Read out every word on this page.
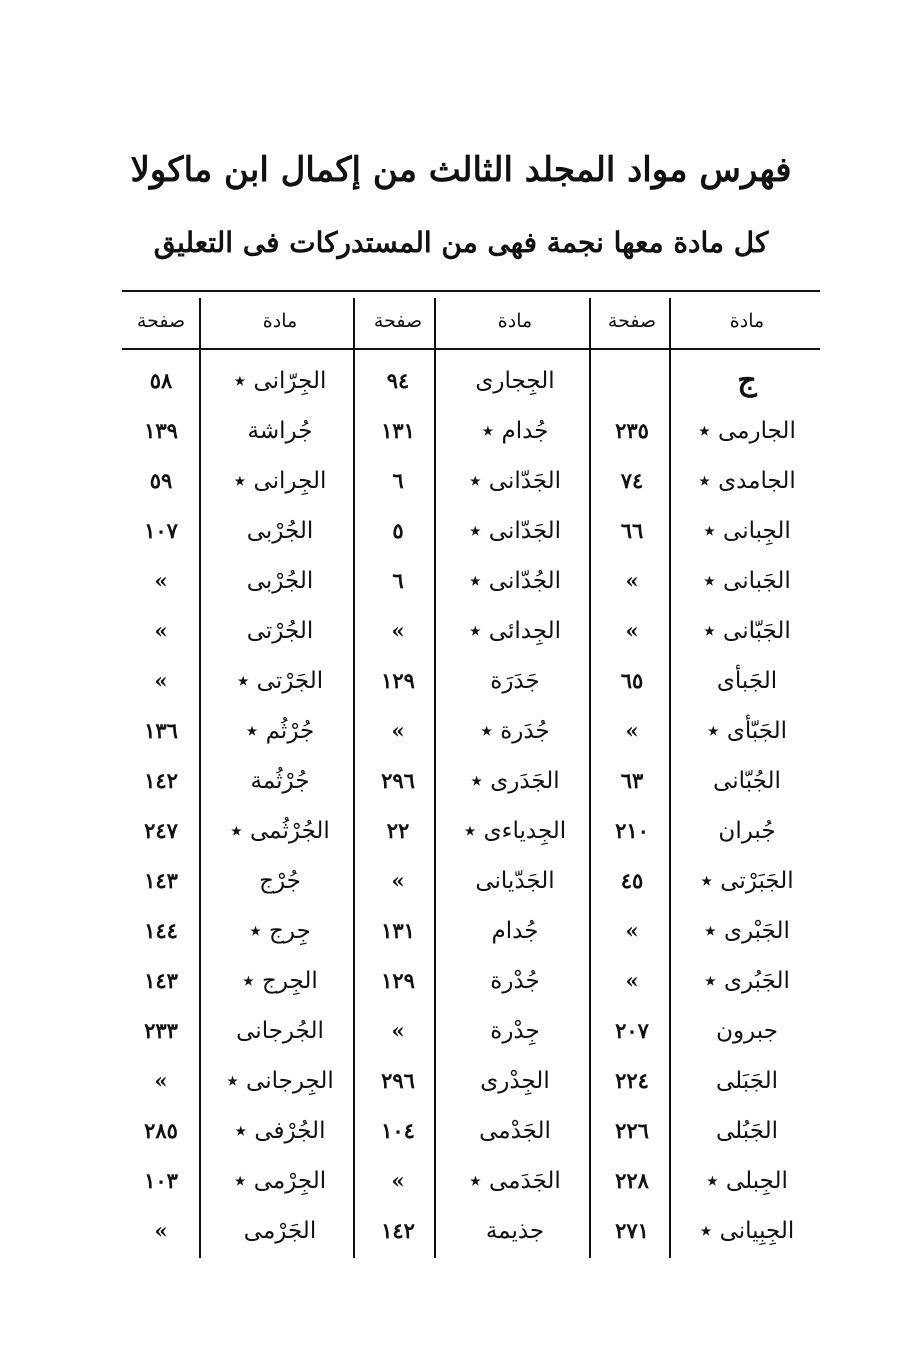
فهرس مواد المجلد الثالث من إكمال ابن ماكولا
كل مادة معها نجمة فهى من المستدركات فى التعليق
مادة
صفحة
مادة
صفحة
مادة
صفحة
ج
الجِجارى
٩٤
الجِرّانى ٭
٥٨
الجارمى ٭
٢٣٥
جُدام ٭
١٣١
جُراشة
١٣٩
الجامدى ٭
٧٤
الجَدّانى ٭
٦
الجِرانى ٭
٥٩
الجِبانى ٭
٦٦
الجَدّانى ٭
٥
الجُرْبى
١٠٧
الجَبانى ٭
»
الجُدّانى ٭
٦
الجُرْبى
»
الجَبّانى ٭
»
الجِدائى ٭
»
الجُرْتى
»
الجَبأى
٦٥
جَدَرَة
١٢٩
الجَرْتى ٭
»
الجَبّأى ٭
»
جُدَرة ٭
»
جُرْثُم ٭
١٣٦
الجُبّانى
٦٣
الجَدَرى ٭
٢٩٦
جُرْثُمة
١٤٢
جُبران
٢١٠
الجِدياءى ٭
٢٢
الجُرْثُمى ٭
٢٤٧
الجَبَرْتى ٭
٤٥
الجَدّيانى
»
جُرْج
١٤٣
الجَبْرى ٭
»
جُدام
١٣١
جِرج ٭
١٤٤
الجَبُرى ٭
»
جُدْرة
١٢٩
الجِرج ٭
١٤٣
جبرون
٢٠٧
جِدْرة
»
الجُرجانى
٢٣٣
الجَبَلى
٢٢٤
الجِدْرى
٢٩٦
الجِرجانى ٭
»
الجَبُلى
٢٢٦
الجَدْمى
١٠٤
الجُرْفى ٭
٢٨٥
الجِبلى ٭
٢٢٨
الجَدَمى ٭
»
الجِرْمى ٭
١٠٣
الجِبِيانى ٭
٢٧١
جذيمة
١٤٢
الجَرْمى
»
